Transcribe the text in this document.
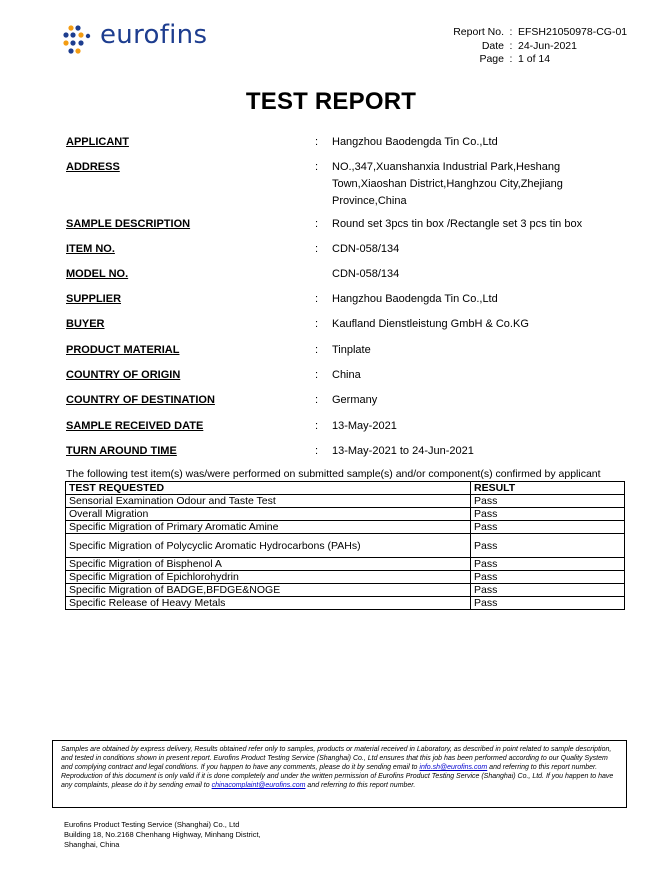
eurofins	Report No. : EFSH21050978-CG-01
Date : 24-Jun-2021
Page : 1 of 14
TEST REPORT
APPLICANT	: Hangzhou Baodengda Tin Co.,Ltd
ADDRESS	: NO.,347,Xuanshanxia Industrial Park,Heshang Town,Xiaoshan District,Hanghzou City,Zhejiang Province,China
SAMPLE DESCRIPTION	: Round set 3pcs tin box /Rectangle set 3 pcs tin box
ITEM NO.	: CDN-058/134
MODEL NO.	CDN-058/134
SUPPLIER	: Hangzhou Baodengda Tin Co.,Ltd
BUYER	: Kaufland Dienstleistung GmbH & Co.KG
PRODUCT MATERIAL	: Tinplate
COUNTRY OF ORIGIN	: China
COUNTRY OF DESTINATION	: Germany
SAMPLE RECEIVED DATE	: 13-May-2021
TURN AROUND TIME	: 13-May-2021 to 24-Jun-2021
The following test item(s) was/were performed on submitted sample(s) and/or component(s) confirmed by applicant
TEST REQUESTED	RESULT
Sensorial Examination Odour and Taste Test	Pass
Overall Migration	Pass
Specific Migration of Primary Aromatic Amine	Pass
Specific Migration of Polycyclic Aromatic Hydrocarbons (PAHs)	Pass
Specific Migration of Bisphenol A	Pass
Specific Migration of Epichlorohydrin	Pass
Specific Migration of BADGE,BFDGE&NOGE	Pass
Specific Release of Heavy Metals	Pass
Samples are obtained by express delivery, Results obtained refer only to samples, products or material received in Laboratory, as described in point related to sample description, and tested in conditions shown in present report. Eurofins Product Testing Service (Shanghai) Co., Ltd ensures that this job has been performed according to our Quality System and complying contract and legal conditions. If you happen to have any comments, please do it by sending email to info.sh@eurofins.com and referring to this report number. Reproduction of this document is only valid if it is done completely and under the written permission of Eurofins Product Testing Service (Shanghai) Co., Ltd. If you happen to have any complaints, please do it by sending email to chinacomplaint@eurofins.com and referring to this report number.
Eurofins Product Testing Service (Shanghai) Co., Ltd
Building 18, No.2168 Chenhang Highway, Minhang District,
Shanghai, China
